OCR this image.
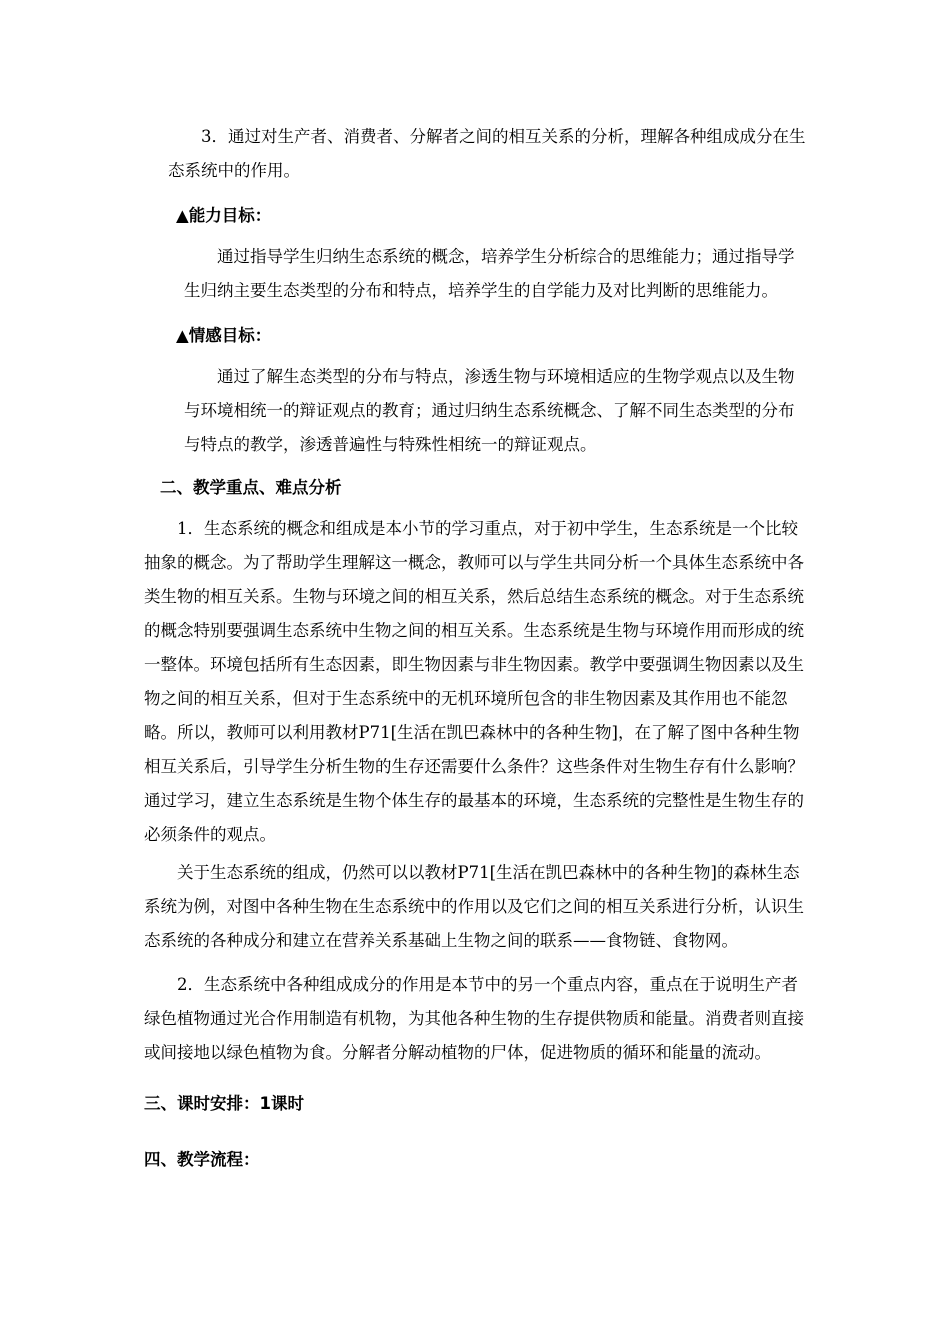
3．通过对生产者、消费者、分解者之间的相互关系的分析，理解各种组成成分在生态系统中的作用。

▲能力目标：

通过指导学生归纳生态系统的概念，培养学生分析综合的思维能力；通过指导学生归纳主要生态类型的分布和特点，培养学生的自学能力及对比判断的思维能力。

▲情感目标：

通过了解生态类型的分布与特点，渗透生物与环境相适应的生物学观点以及生物与环境相统一的辩证观点的教育；通过归纳生态系统概念、了解不同生态类型的分布与特点的教学，渗透普遍性与特殊性相统一的辩证观点。

二、教学重点、难点分析

1．生态系统的概念和组成是本小节的学习重点，对于初中学生，生态系统是一个比较抽象的概念。为了帮助学生理解这一概念，教师可以与学生共同分析一个具体生态系统中各类生物的相互关系。生物与环境之间的相互关系，然后总结生态系统的概念。对于生态系统的概念特别要强调生态系统中生物之间的相互关系。生态系统是生物与环境作用而形成的统一整体。环境包括所有生态因素，即生物因素与非生物因素。教学中要强调生物因素以及生物之间的相互关系，但对于生态系统中的无机环境所包含的非生物因素及其作用也不能忽略。所以，教师可以利用教材P71[生活在凯巴森林中的各种生物]，在了解了图中各种生物相互关系后，引导学生分析生物的生存还需要什么条件？这些条件对生物生存有什么影响？通过学习，建立生态系统是生物个体生存的最基本的环境，生态系统的完整性是生物生存的必须条件的观点。

关于生态系统的组成，仍然可以以教材P71[生活在凯巴森林中的各种生物]的森林生态系统为例，对图中各种生物在生态系统中的作用以及它们之间的相互关系进行分析，认识生态系统的各种成分和建立在营养关系基础上生物之间的联系——食物链、食物网。

2．生态系统中各种组成成分的作用是本节中的另一个重点内容，重点在于说明生产者绿色植物通过光合作用制造有机物，为其他各种生物的生存提供物质和能量。消费者则直接或间接地以绿色植物为食。分解者分解动植物的尸体，促进物质的循环和能量的流动。

三、课时安排：1课时

四、教学流程：
